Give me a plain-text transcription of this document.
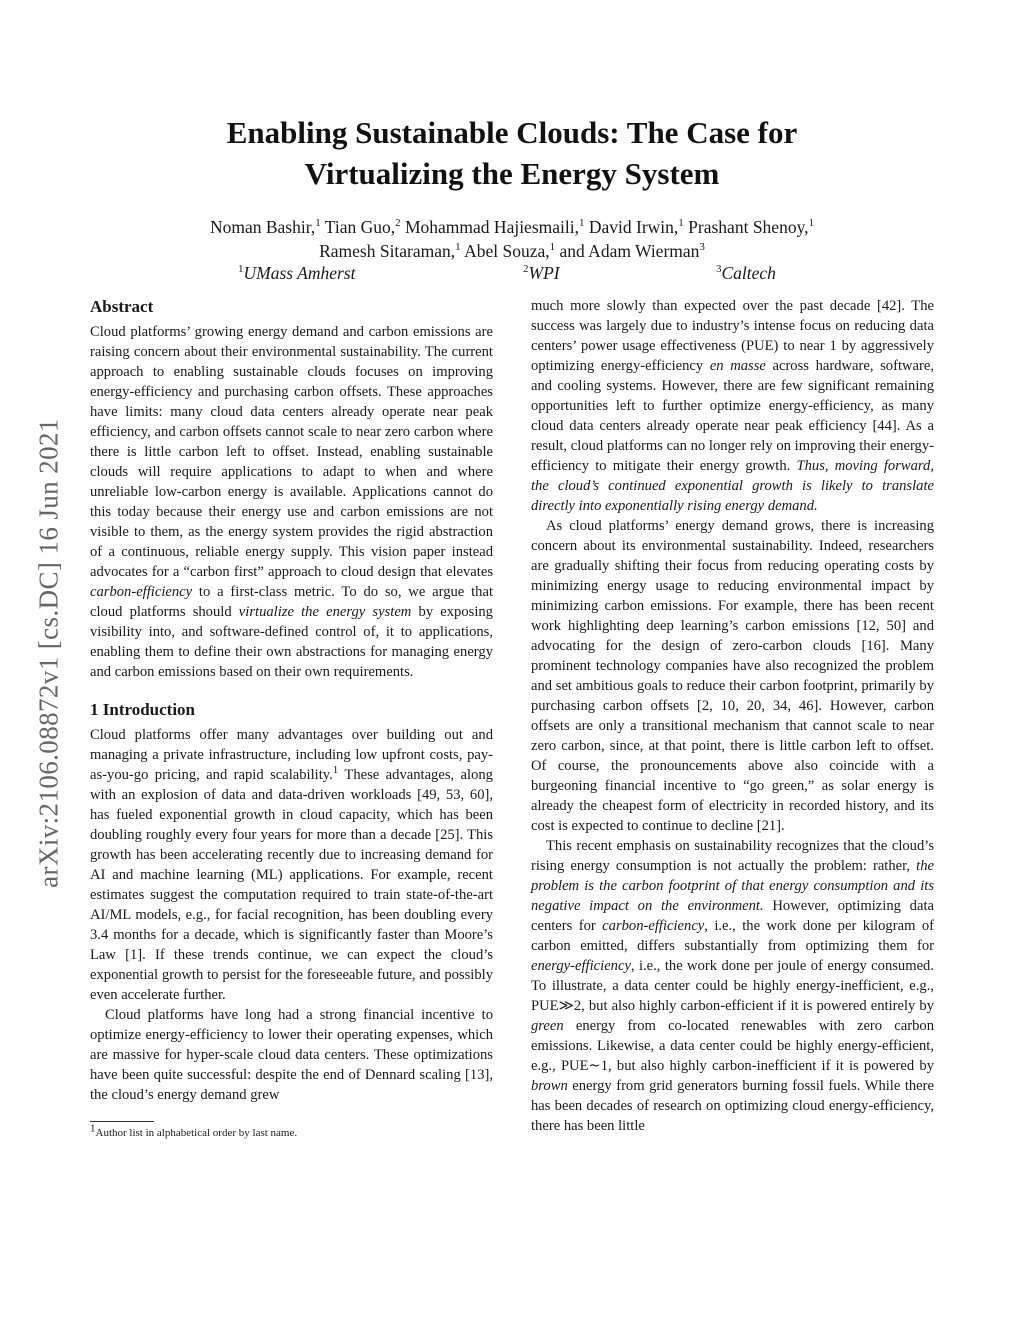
arXiv:2106.08872v1 [cs.DC] 16 Jun 2021
Enabling Sustainable Clouds: The Case for
Virtualizing the Energy System
Noman Bashir,$^1$ Tian Guo,$^2$ Mohammad Hajiesmaili,$^1$ David Irwin,$^1$ Prashant Shenoy,$^1$
Ramesh Sitaraman,$^1$ Abel Souza,$^1$ and Adam Wierman$^3$
$^1$UMass Amherst	$^2$WPI	$^3$Caltech
Abstract

Cloud platforms’ growing energy demand and carbon emissions are raising concern about their environmental sustainability. The current approach to enabling sustainable clouds focuses on improving energy-efficiency and purchasing carbon offsets. These approaches have limits: many cloud data centers already operate near peak efficiency, and carbon offsets cannot scale to near zero carbon where there is little carbon left to offset. Instead, enabling sustainable clouds will require applications to adapt to when and where unreliable low-carbon energy is available. Applications cannot do this today because their energy use and carbon emissions are not visible to them, as the energy system provides the rigid abstraction of a continuous, reliable energy supply. This vision paper instead advocates for a “carbon first” approach to cloud design that elevates carbon-efficiency to a first-class metric. To do so, we argue that cloud platforms should virtualize the energy system by exposing visibility into, and software-defined control of, it to applications, enabling them to define their own abstractions for managing energy and carbon emissions based on their own requirements.

1 Introduction

Cloud platforms offer many advantages over building out and managing a private infrastructure, including low upfront costs, pay-as-you-go pricing, and rapid scalability.$^1$ These advantages, along with an explosion of data and data-driven workloads [49, 53, 60], has fueled exponential growth in cloud capacity, which has been doubling roughly every four years for more than a decade [25]. This growth has been accelerating recently due to increasing demand for AI and machine learning (ML) applications. For example, recent estimates suggest the computation required to train state-of-the-art AI/ML models, e.g., for facial recognition, has been doubling every 3.4 months for a decade, which is significantly faster than Moore’s Law [1]. If these trends continue, we can expect the cloud’s exponential growth to persist for the foreseeable future, and possibly even accelerate further.

Cloud platforms have long had a strong financial incentive to optimize energy-efficiency to lower their operating expenses, which are massive for hyper-scale cloud data centers. These optimizations have been quite successful: despite the end of Dennard scaling [13], the cloud’s energy demand grew

$^1$Author list in alphabetical order by last name.

much more slowly than expected over the past decade [42]. The success was largely due to industry’s intense focus on reducing data centers’ power usage effectiveness (PUE) to near 1 by aggressively optimizing energy-efficiency en masse across hardware, software, and cooling systems. However, there are few significant remaining opportunities left to further optimize energy-efficiency, as many cloud data centers already operate near peak efficiency [44]. As a result, cloud platforms can no longer rely on improving their energy-efficiency to mitigate their energy growth. Thus, moving forward, the cloud’s continued exponential growth is likely to translate directly into exponentially rising energy demand.

As cloud platforms’ energy demand grows, there is increasing concern about its environmental sustainability. Indeed, researchers are gradually shifting their focus from reducing operating costs by minimizing energy usage to reducing environmental impact by minimizing carbon emissions. For example, there has been recent work highlighting deep learning’s carbon emissions [12, 50] and advocating for the design of zero-carbon clouds [16]. Many prominent technology companies have also recognized the problem and set ambitious goals to reduce their carbon footprint, primarily by purchasing carbon offsets [2, 10, 20, 34, 46]. However, carbon offsets are only a transitional mechanism that cannot scale to near zero carbon, since, at that point, there is little carbon left to offset. Of course, the pronouncements above also coincide with a burgeoning financial incentive to “go green,” as solar energy is already the cheapest form of electricity in recorded history, and its cost is expected to continue to decline [21].

This recent emphasis on sustainability recognizes that the cloud’s rising energy consumption is not actually the problem: rather, the problem is the carbon footprint of that energy consumption and its negative impact on the environment. However, optimizing data centers for carbon-efficiency, i.e., the work done per kilogram of carbon emitted, differs substantially from optimizing them for energy-efficiency, i.e., the work done per joule of energy consumed. To illustrate, a data center could be highly energy-inefficient, e.g., PUE≫2, but also highly carbon-efficient if it is powered entirely by green energy from co-located renewables with zero carbon emissions. Likewise, a data center could be highly energy-efficient, e.g., PUE∼1, but also highly carbon-inefficient if it is powered by brown energy from grid generators burning fossil fuels. While there has been decades of research on optimizing cloud energy-efficiency, there has been little
